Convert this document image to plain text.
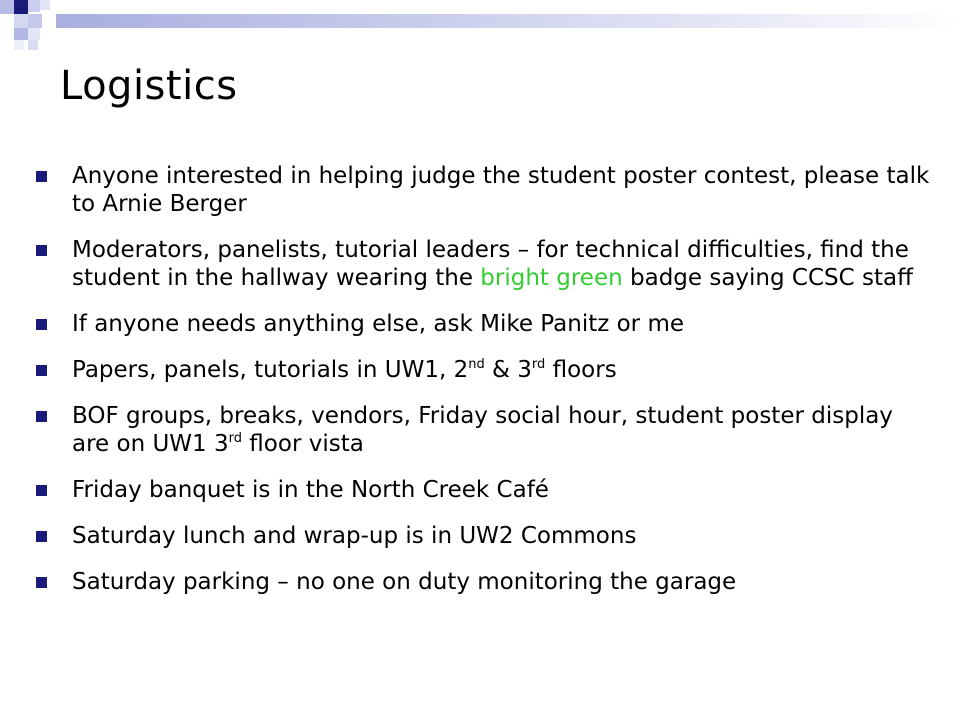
Logistics
Anyone interested in helping judge the student poster contest, please talk to Arnie Berger
Moderators, panelists, tutorial leaders – for technical difficulties, find the student in the hallway wearing the bright green badge saying CCSC staff
If anyone needs anything else, ask Mike Panitz or me
Papers, panels, tutorials in UW1, 2nd & 3rd floors
BOF groups, breaks, vendors, Friday social hour, student poster display are on UW1 3rd floor vista
Friday banquet is in the North Creek Café
Saturday lunch and wrap-up is in UW2 Commons
Saturday parking – no one on duty monitoring the garage
